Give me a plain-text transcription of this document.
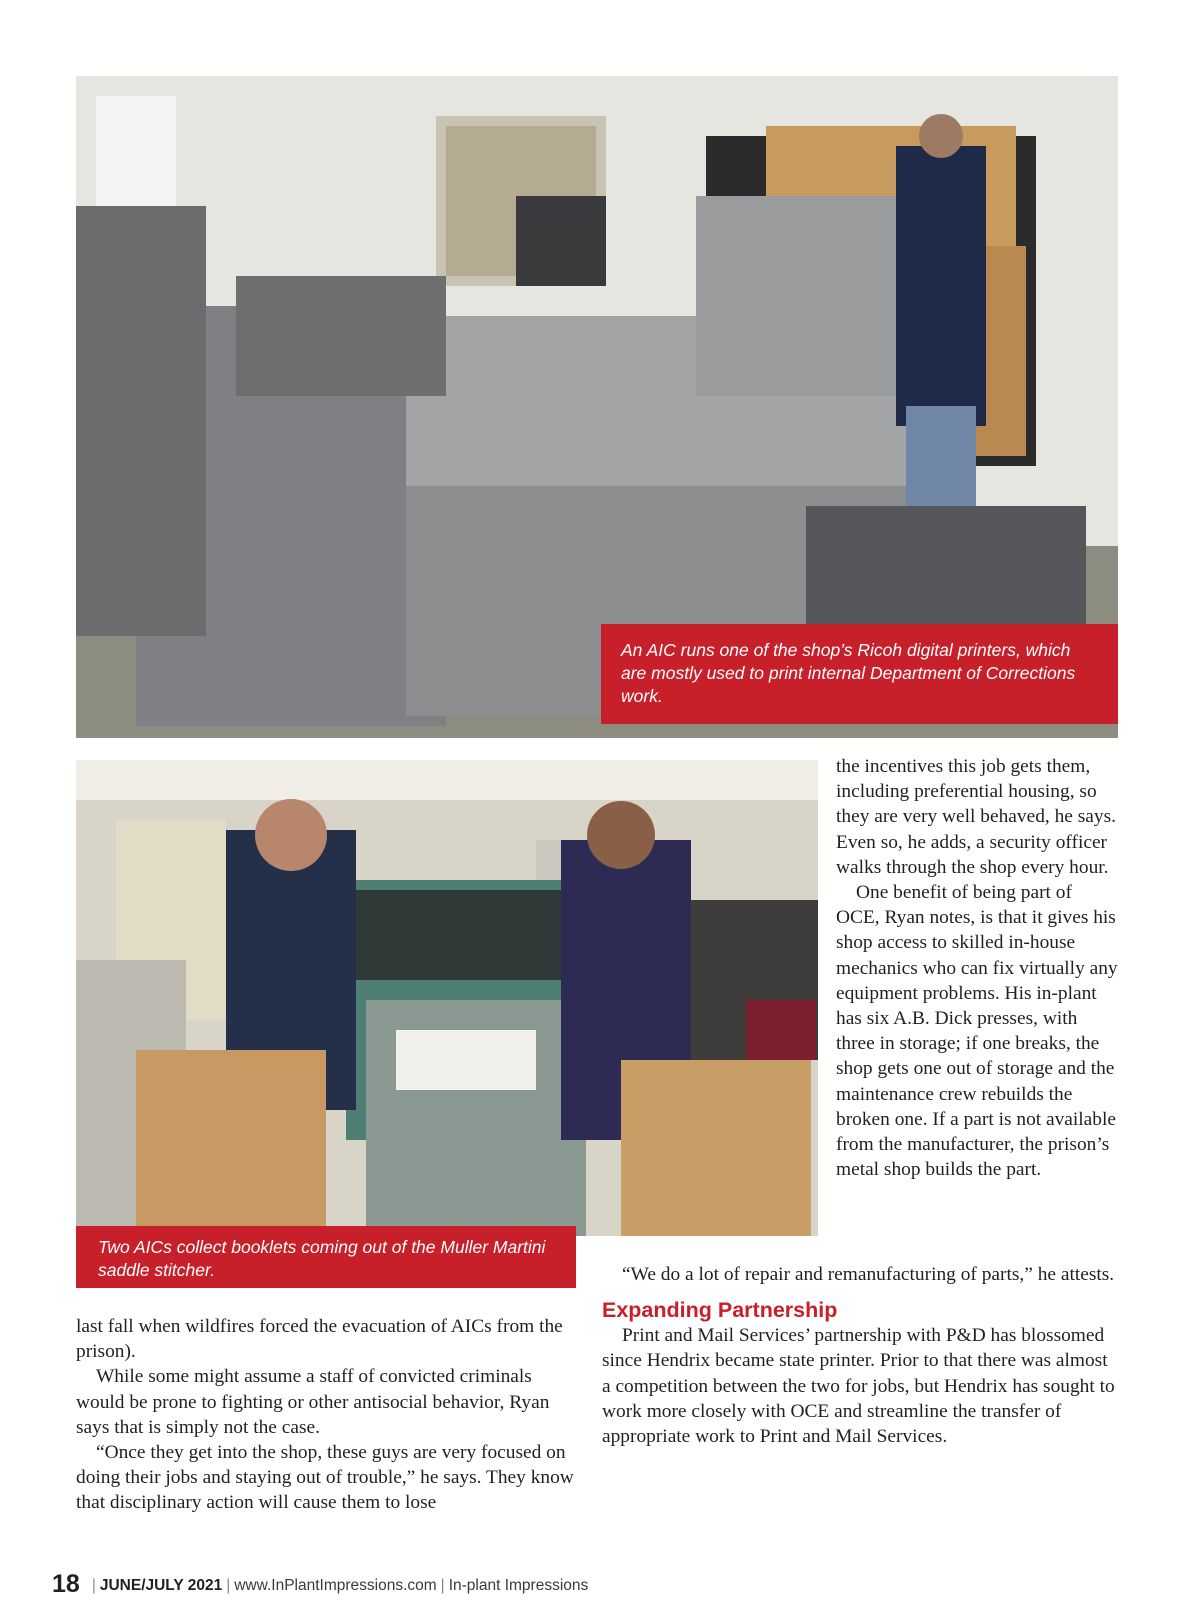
An AIC runs one of the shop’s Ricoh digital printers, which are mostly used to print internal Department of Corrections work.

Two AICs collect booklets coming out of the Muller Martini saddle stitcher.

the incentives this job gets them, including preferential housing, so they are very well behaved, he says. Even so, he adds, a security officer walks through the shop every hour.

One benefit of being part of OCE, Ryan notes, is that it gives his shop access to skilled in-house mechanics who can fix virtually any equipment problems. His in-plant has six A.B. Dick presses, with three in storage; if one breaks, the shop gets one out of storage and the maintenance crew rebuilds the broken one. If a part is not available from the manufacturer, the prison’s metal shop builds the part.

“We do a lot of repair and remanufacturing of parts,” he attests.

Expanding Partnership

Print and Mail Services’ partnership with P&D has blossomed since Hendrix became state printer. Prior to that there was almost a competition between the two for jobs, but Hendrix has sought to work more closely with OCE and streamline the transfer of appropriate work to Print and Mail Services.

last fall when wildfires forced the evacuation of AICs from the prison).

While some might assume a staff of convicted criminals would be prone to fighting or other antisocial behavior, Ryan says that is simply not the case.

“Once they get into the shop, these guys are very focused on doing their jobs and staying out of trouble,” he says. They know that disciplinary action will cause them to lose

18 | JUNE/JULY 2021 | www.InPlantImpressions.com | In-plant Impressions
